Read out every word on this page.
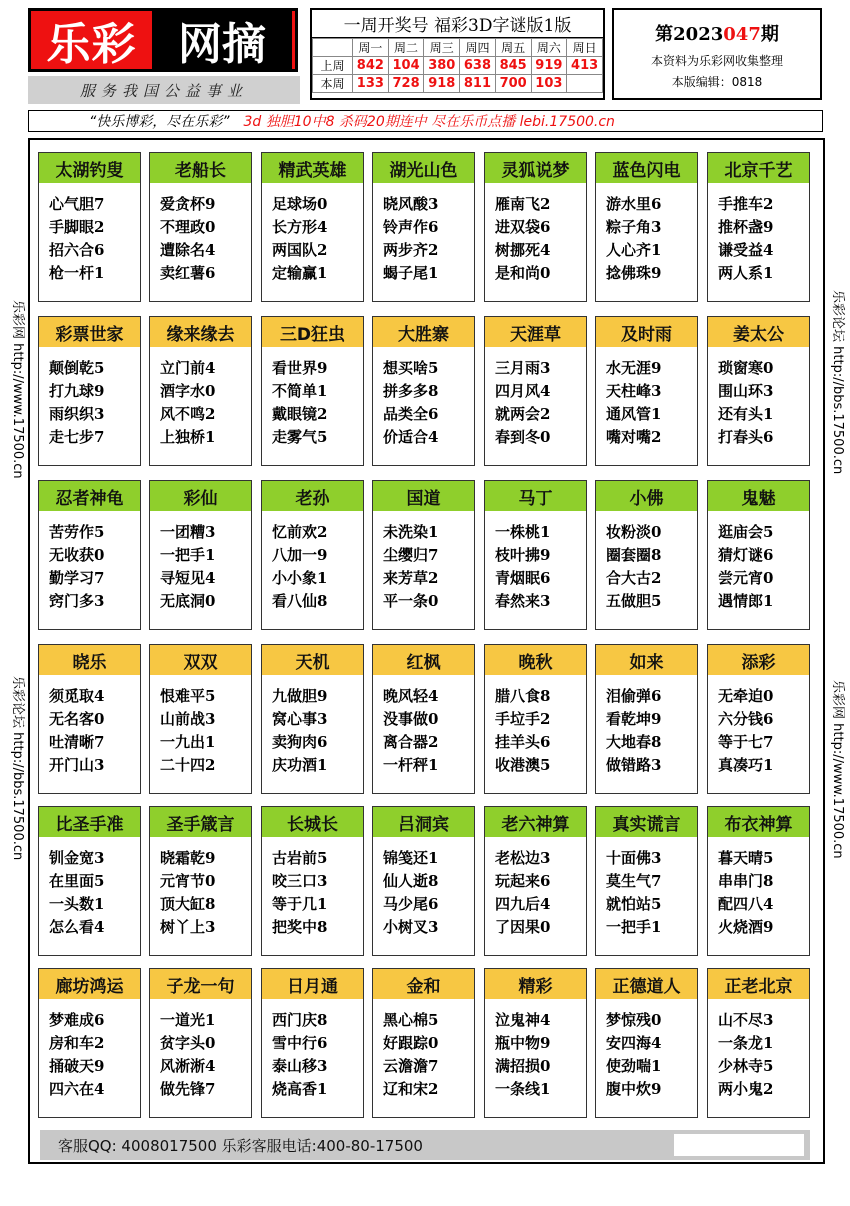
乐彩 网摘
服务我国公益事业
一周开奖号 福彩3D字谜版1版
	周一	周二	周三	周四	周五	周六	周日
上周	842	104	380	638	845	919	413
本周	133	728	918	811	700	103	
第2023047期
本资料为乐彩网收集整理
本版编辑：0818
“快乐博彩，尽在乐彩” 3d 独胆10中8 杀码20期连中 尽在乐币点播 lebi.17500.cn
乐彩网 http://www.17500.cn
乐彩论坛 http://bbs.17500.cn
乐彩论坛 http://bbs.17500.cn
乐彩网 http://www.17500.cn
太湖钓叟
心气胆7
手脚眼2
招六合6
枪一杆1
老船长
爱贪杯9
不理政0
遭除名4
卖红薯6
精武英雄
足球场0
长方形4
两国队2
定输赢1
湖光山色
晓风酸3
铃声作6
两步齐2
蝎子尾1
灵狐说梦
雁南飞2
进双袋6
树挪死4
是和尚0
蓝色闪电
游水里6
粽子角3
人心齐1
捻佛珠9
北京千艺
手推车2
推杯盏9
谦受益4
两人系1
彩票世家
颠倒乾5
打九球9
雨织织3
走七步7
缘来缘去
立门前4
酒字水0
风不鸣2
上独桥1
三D狂虫
看世界9
不简单1
戴眼镜2
走雾气5
大胜寨
想买啥5
拼多多8
品类全6
价适合4
天涯草
三月雨3
四月风4
就两会2
春到冬0
及时雨
水无涯9
天柱峰3
通风管1
嘴对嘴2
姜太公
琐窗寒0
围山环3
还有头1
打春头6
忍者神龟
苦劳作5
无收获0
勤学习7
窍门多3
彩仙
一团糟3
一把手1
寻短见4
无底洞0
老孙
忆前欢2
八加一9
小小象1
看八仙8
国道
未洗染1
尘缨归7
来芳草2
平一条0
马丁
一株桃1
枝叶拂9
青烟眠6
春然来3
小佛
妆粉淡0
圈套圈8
合大古2
五做胆5
鬼魅
逛庙会5
猜灯谜6
尝元宵0
遇情郎1
晓乐
须觅取4
无名客0
吐清晰7
开门山3
双双
恨难平5
山前战3
一九出1
二十四2
天机
九做胆9
窝心事3
卖狗肉6
庆功酒1
红枫
晚风轻4
没事做0
离合器2
一杆秤1
晚秋
腊八食8
手垃手2
挂羊头6
收港澳5
如来
泪偷弹6
看乾坤9
大地春8
做错路3
添彩
无牵迫0
六分钱6
等于七7
真凑巧1
比圣手准
钏金宽3
在里面5
一头数1
怎么看4
圣手箴言
晓霜乾9
元宵节0
顶大缸8
树丫上3
长城长
古岩前5
咬三口3
等于几1
把奖中8
吕洞宾
锦笺还1
仙人逝8
马少尾6
小树叉3
老六神算
老松边3
玩起来6
四九后4
了因果0
真实谎言
十面佛3
莫生气7
就怕站5
一把手1
布衣神算
暮天晴5
串串门8
配四八4
火烧酒9
廊坊鸿运
梦难成6
房和车2
捅破天9
四六在4
子龙一句
一道光1
贫字头0
风淅淅4
做先锋7
日月通
西门庆8
雪中行6
泰山移3
烧高香1
金和
黑心棉5
好跟踪0
云澹澹7
辽和宋2
精彩
泣鬼神4
瓶中物9
满招损0
一条线1
正德道人
梦惊残0
安四海4
使劲喘1
腹中炊9
正老北京
山不尽3
一条龙1
少林寺5
两小鬼2
客服QQ: 4008017500 乐彩客服电话:400-80-17500
